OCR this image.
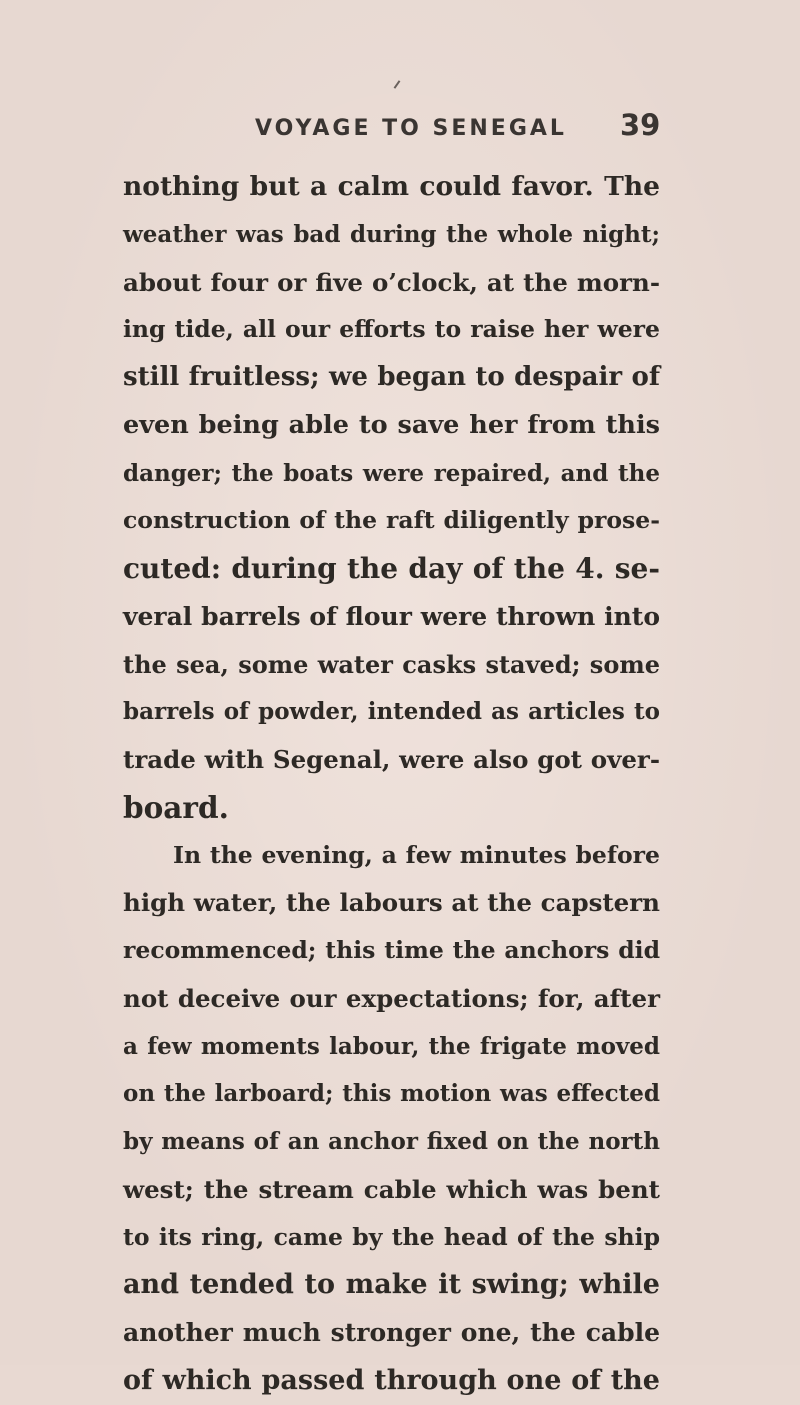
VOYAGE TO SENEGAL 39
nothing but a calm could favor. The
weather was bad during the whole night;
about four or five o’clock, at the morn-
ing tide, all our efforts to raise her were
still fruitless; we began to despair of
even being able to save her from this
danger; the boats were repaired, and the
construction of the raft diligently prose-
cuted: during the day of the 4. se-
veral barrels of flour were thrown into
the sea, some water casks staved; some
barrels of powder, intended as articles to
trade with Segenal, were also got over-
board.
In the evening, a few minutes before
high water, the labours at the capstern
recommenced; this time the anchors did
not deceive our expectations; for, after
a few moments labour, the frigate moved
on the larboard; this motion was effected
by means of an anchor fixed on the north
west; the stream cable which was bent
to its ring, came by the head of the ship
and tended to make it swing; while
another much stronger one, the cable
of which passed through one of the
